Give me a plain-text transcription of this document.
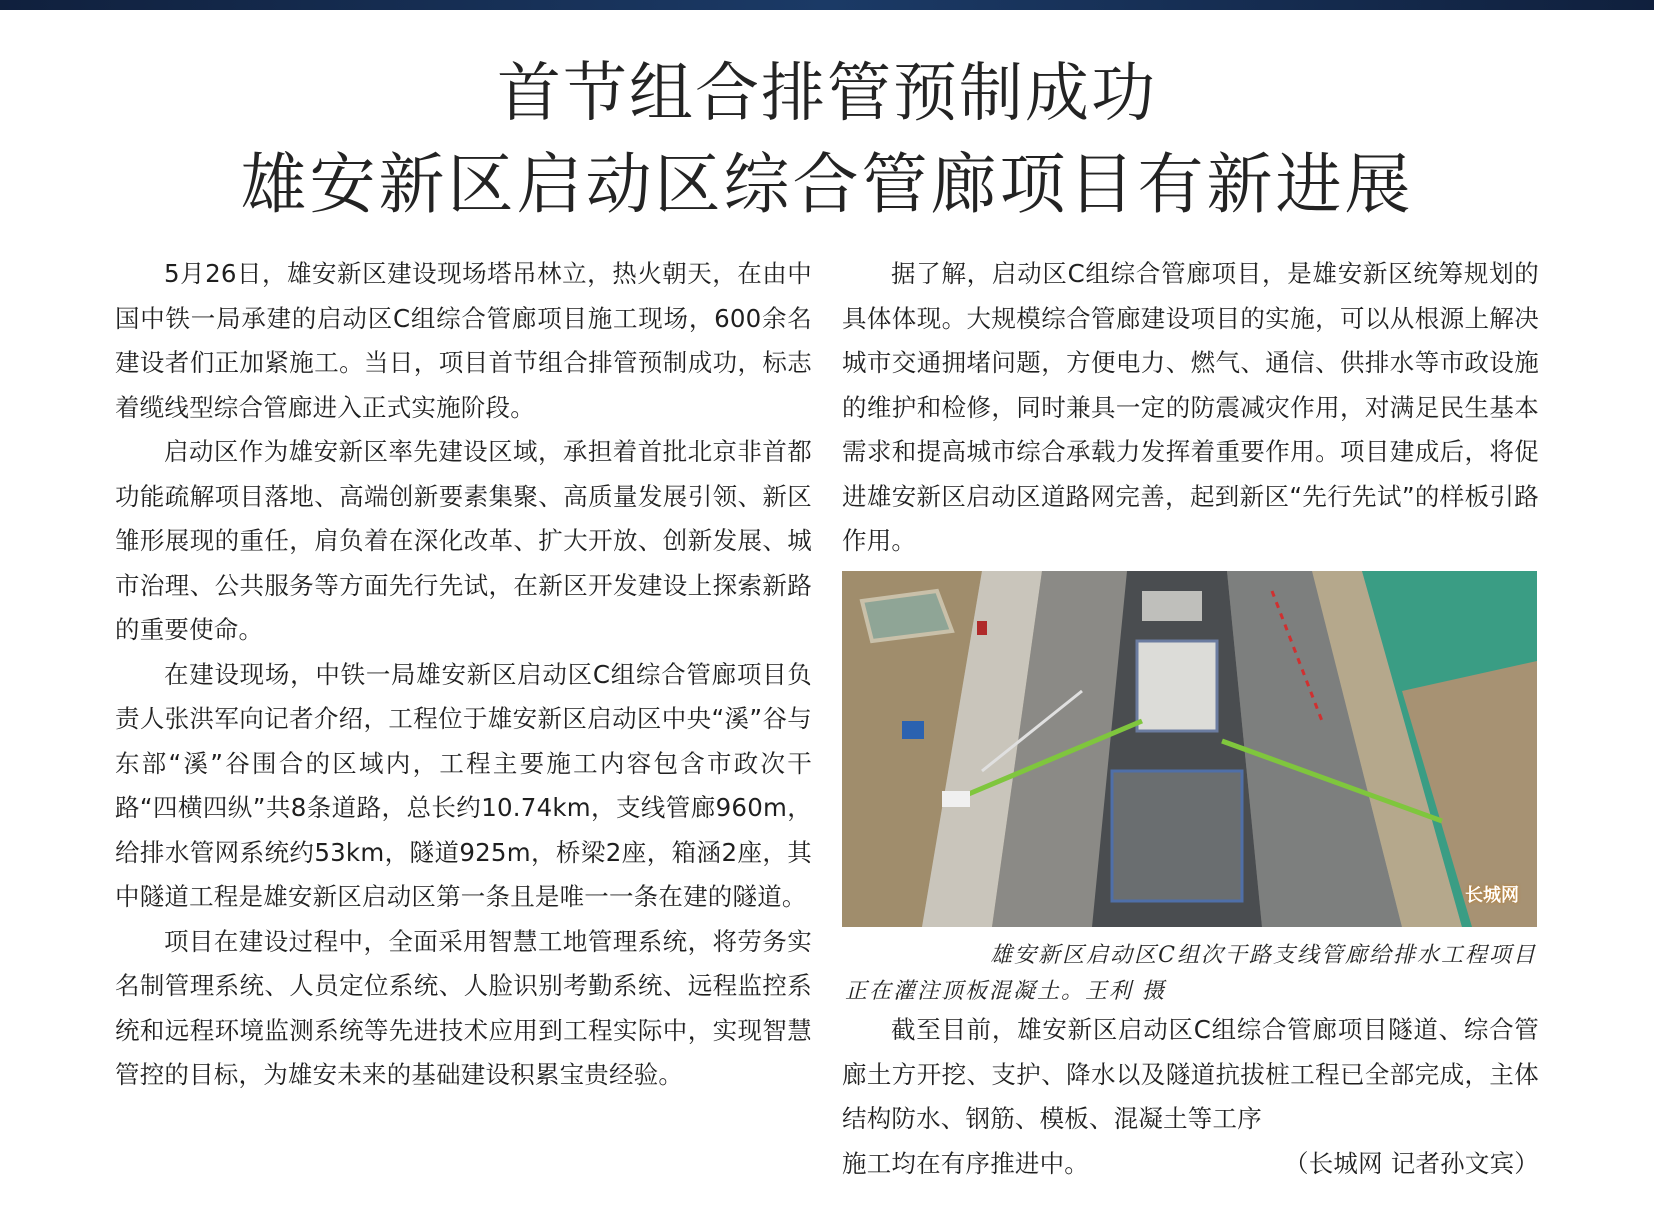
首节组合排管预制成功
雄安新区启动区综合管廊项目有新进展

5月26日，雄安新区建设现场塔吊林立，热火朝天，在由中国中铁一局承建的启动区C组综合管廊项目施工现场，600余名建设者们正加紧施工。当日，项目首节组合排管预制成功，标志着缆线型综合管廊进入正式实施阶段。

启动区作为雄安新区率先建设区域，承担着首批北京非首都功能疏解项目落地、高端创新要素集聚、高质量发展引领、新区雏形展现的重任，肩负着在深化改革、扩大开放、创新发展、城市治理、公共服务等方面先行先试，在新区开发建设上探索新路的重要使命。

在建设现场，中铁一局雄安新区启动区C组综合管廊项目负责人张洪军向记者介绍，工程位于雄安新区启动区中央“溪”谷与东部“溪”谷围合的区域内，工程主要施工内容包含市政次干路“四横四纵”共8条道路，总长约10.74km，支线管廊960m，给排水管网系统约53km，隧道925m，桥梁2座，箱涵2座，其中隧道工程是雄安新区启动区第一条且是唯一一条在建的隧道。

项目在建设过程中，全面采用智慧工地管理系统，将劳务实名制管理系统、人员定位系统、人脸识别考勤系统、远程监控系统和远程环境监测系统等先进技术应用到工程实际中，实现智慧管控的目标，为雄安未来的基础建设积累宝贵经验。

据了解，启动区C组综合管廊项目，是雄安新区统筹规划的具体体现。大规模综合管廊建设项目的实施，可以从根源上解决城市交通拥堵问题，方便电力、燃气、通信、供排水等市政设施的维护和检修，同时兼具一定的防震减灾作用，对满足民生基本需求和提高城市综合承载力发挥着重要作用。项目建成后，将促进雄安新区启动区道路网完善，起到新区“先行先试”的样板引路作用。

长城网
雄安新区启动区C组次干路支线管廊给排水工程项目
正在灌注顶板混凝土。王利 摄

截至目前，雄安新区启动区C组综合管廊项目隧道、综合管廊土方开挖、支护、降水以及隧道抗拔桩工程已全部完成，主体结构防水、钢筋、模板、混凝土等工序

施工均在有序推进中。	（长城网 记者孙文宾）
